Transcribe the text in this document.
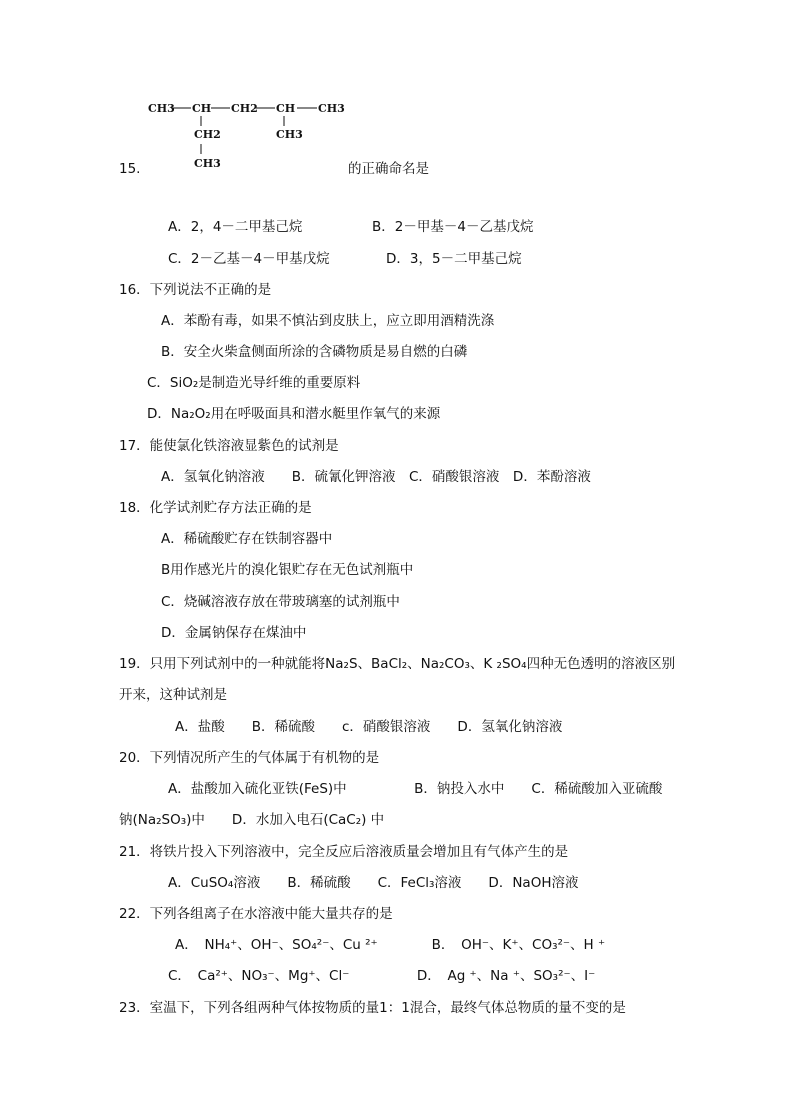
CH3 CH CH2 CH CH3
CH2
CH3
CH3
15.	的正确命名是
A．2，4－二甲基己烷	B．2－甲基－4－乙基戊烷
C．2－乙基－4－甲基戊烷	D．3，5－二甲基己烷
16．下列说法不正确的是
A．苯酚有毒，如果不慎沾到皮肤上，应立即用酒精洗涤
B．安全火柴盒侧面所涂的含磷物质是易自燃的白磷
C．SiO₂是制造光导纤维的重要原料
D．Na₂O₂用在呼吸面具和潜水艇里作氧气的来源
17．能使氯化铁溶液显紫色的试剂是
A．氢氧化钠溶液　　B．硫氰化钾溶液　C．硝酸银溶液　D．苯酚溶液
18．化学试剂贮存方法正确的是
A．稀硫酸贮存在铁制容器中
B用作感光片的溴化银贮存在无色试剂瓶中
C．烧碱溶液存放在带玻璃塞的试剂瓶中
D．金属钠保存在煤油中
19．只用下列试剂中的一种就能将Na₂S、BaCl₂、Na₂CO₃、K ₂SO₄四种无色透明的溶液区别
开来，这种试剂是
A．盐酸　　B．稀硫酸　　c．硝酸银溶液　　D．氢氧化钠溶液
20．下列情况所产生的气体属于有机物的是
A．盐酸加入硫化亚铁(FeS)中　　　　　B．钠投入水中　　C．稀硫酸加入亚硫酸
钠(Na₂SO₃)中　　D．水加入电石(CaC₂) 中
21．将铁片投入下列溶液中，完全反应后溶液质量会增加且有气体产生的是
A．CuSO₄溶液　　B．稀硫酸　　C．FeCl₃溶液　　D．NaOH溶液
22．下列各组离子在水溶液中能大量共存的是
A．　NH₄⁺、OH⁻、SO₄²⁻、Cu ²⁺　　　　B．　OH⁻、K⁺、CO₃²⁻、H ⁺
C．　Ca²⁺、NO₃⁻、Mg⁺、Cl⁻　　　　　D．　Ag ⁺、Na ⁺、SO₃²⁻、I⁻
23．室温下，下列各组两种气体按物质的量1：1混合，最终气体总物质的量不变的是
